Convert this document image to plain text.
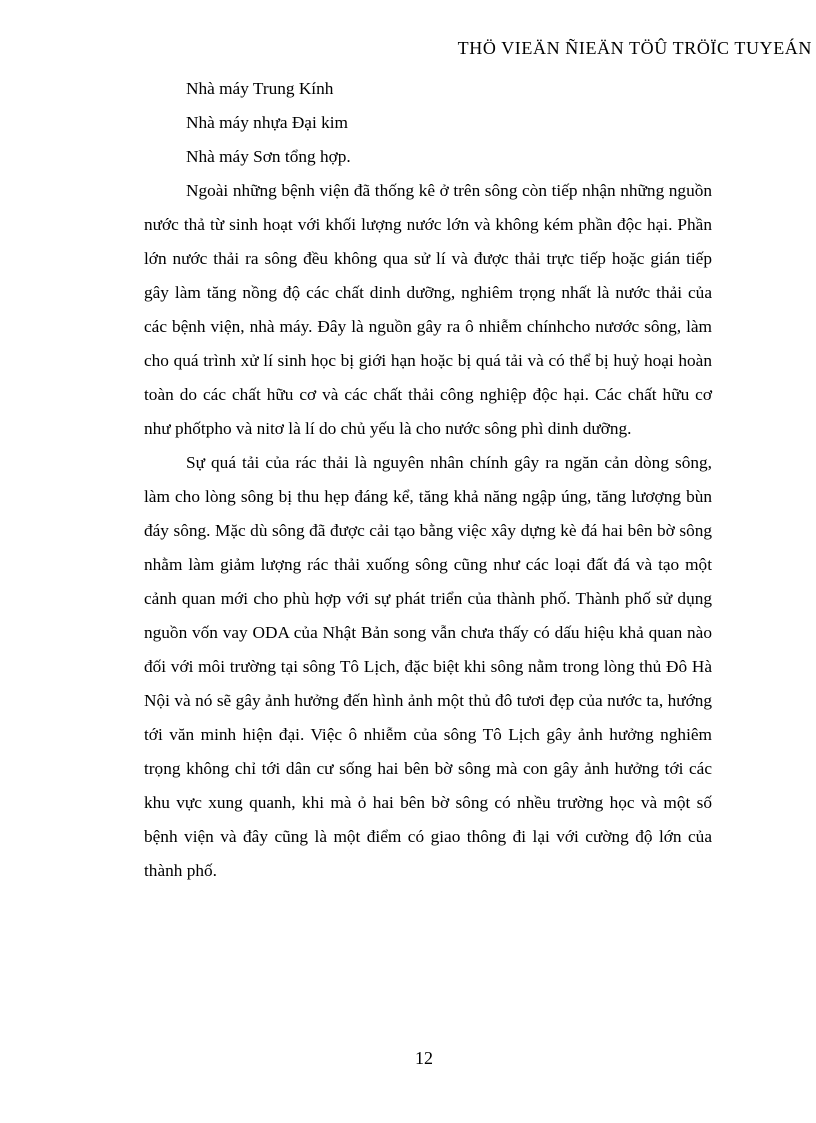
THÖ VIEÄN ÑIEÄN TÖÛ TRÖÏC TUYEÁN

Nhà máy Trung Kính

Nhà máy nhựa Đại kim

Nhà máy Sơn tổng hợp.

Ngoài những bệnh viện đã thống kê ở trên sông còn tiếp nhận những nguồn nước thả từ sinh hoạt với khối lượng nước lớn và không kém phần độc hại. Phần lớn nước thải ra sông đều không qua sử lí và được thải trực tiếp hoặc gián tiếp gây làm tăng nồng độ các chất dinh dưỡng, nghiêm trọng nhất là nước thải của các bệnh viện, nhà máy. Đây là nguồn gây ra ô nhiễm chínhcho nươớc sông, làm cho quá trình xử lí sinh học bị giới hạn hoặc bị quá tải và có thể bị huỷ hoại hoàn toàn do các chất hữu cơ và các chất thải công nghiệp độc hại. Các chất hữu cơ như phốtpho và nitơ là lí do chủ yếu là cho nước sông phì dinh dưỡng.

Sự quá tải của rác thải là nguyên nhân chính gây ra ngăn cản dòng sông, làm cho lòng sông bị thu hẹp đáng kể, tăng khả năng ngập úng, tăng lươợng bùn đáy sông. Mặc dù sông đã được cải tạo bằng việc xây dựng kè đá hai bên bờ sông nhằm làm giảm lượng rác thải xuống sông cũng như các loại đất đá và tạo một cảnh quan mới cho phù hợp với sự phát triển của thành phố. Thành phố sử dụng nguồn vốn vay ODA của Nhật Bản song vẫn chưa thấy có dấu hiệu khả quan nào đối với môi trường tại sông Tô Lịch, đặc biệt khi sông nằm trong lòng thủ Đô Hà Nội và nó sẽ gây ảnh hưởng đến hình ảnh một thủ đô tươi đẹp của nước ta, hướng tới văn minh hiện đại. Việc ô nhiễm của sông Tô Lịch gây ảnh hưởng nghiêm trọng không chỉ tới dân cư sống hai bên bờ sông mà con gây ảnh hưởng tới các khu vực xung quanh, khi mà ỏ hai bên bờ sông có nhều trường học và một số bệnh viện và đây cũng là một điểm có giao thông đi lại với cường độ lớn của thành phố.

12
